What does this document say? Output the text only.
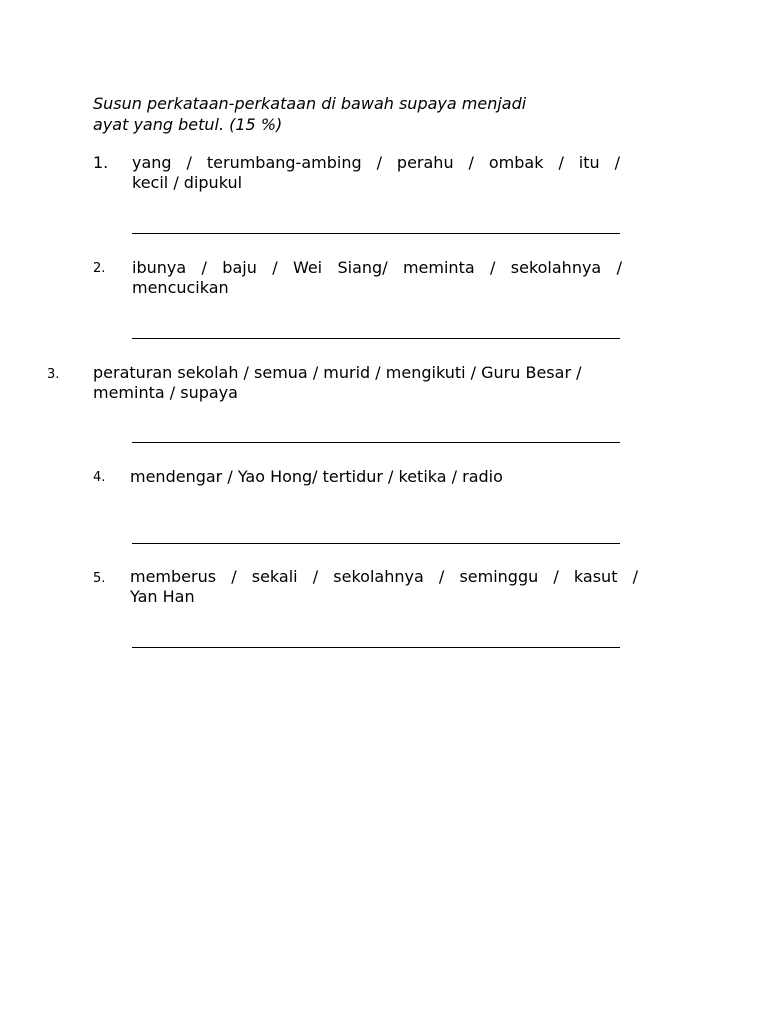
Susun perkataan-perkataan di bawah supaya menjadi
ayat yang betul. (15 %)

1. yang / terumbang-ambing / perahu / ombak / itu /
kecil / dipukul

2. ibunya / baju / Wei Siang/ meminta / sekolahnya /
mencucikan

3. peraturan sekolah / semua / murid / mengikuti / Guru Besar /
meminta / supaya

4. mendengar / Yao Hong/ tertidur / ketika / radio

5. memberus / sekali / sekolahnya / seminggu / kasut /
Yan Han
